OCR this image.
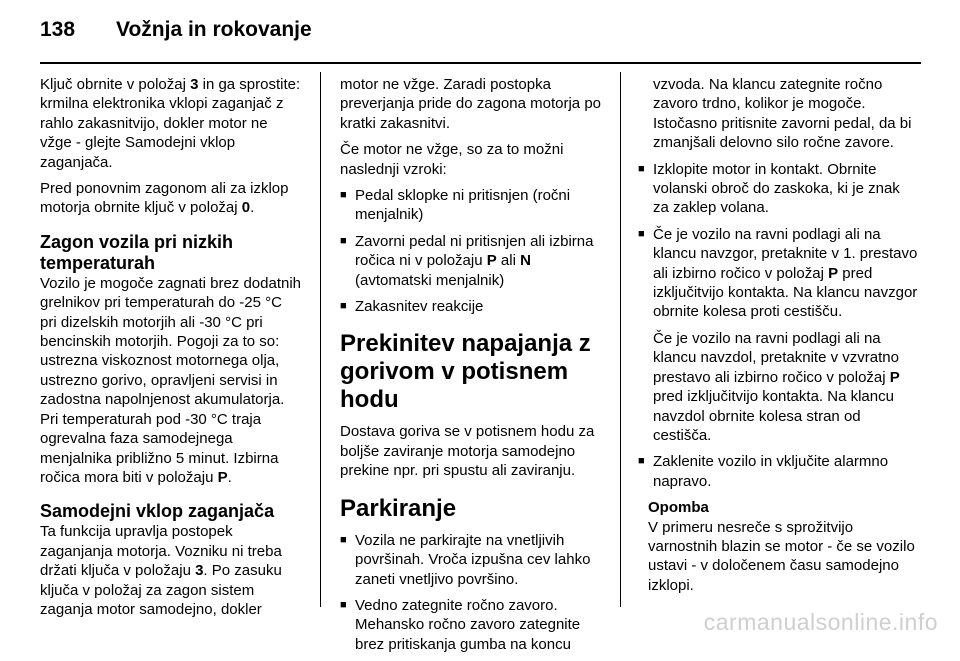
138 Vožnja in rokovanje

Ključ obrnite v položaj 3 in ga sprostite: krmilna elektronika vklopi zaganjač z rahlo zakasnitvijo, dokler motor ne vžge - glejte Samodejni vklop zaganjača.

Pred ponovnim zagonom ali za izklop motorja obrnite ključ v položaj 0.

Zagon vozila pri nizkih temperaturah

Vozilo je mogoče zagnati brez dodatnih grelnikov pri temperaturah do -25 °C pri dizelskih motorjih ali -30 °C pri bencinskih motorjih. Pogoji za to so: ustrezna viskoznost motornega olja, ustrezno gorivo, opravljeni servisi in zadostna napolnjenost akumulatorja. Pri temperaturah pod -30 °C traja ogrevalna faza samodejnega menjalnika približno 5 minut. Izbirna ročica mora biti v položaju P.

Samodejni vklop zaganjača

Ta funkcija upravlja postopek zaganjanja motorja. Vozniku ni treba držati ključa v položaju 3. Po zasuku ključa v položaj za zagon sistem zaganja motor samodejno, dokler

motor ne vžge. Zaradi postopka preverjanja pride do zagona motorja po kratki zakasnitvi.

Če motor ne vžge, so za to možni naslednji vzroki:

■ Pedal sklopke ni pritisnjen (ročni menjalnik)
■ Zavorni pedal ni pritisnjen ali izbirna ročica ni v položaju P ali N (avtomatski menjalnik)
■ Zakasnitev reakcije
Prekinitev napajanja z gorivom v potisnem hodu

Dostava goriva se v potisnem hodu za boljše zaviranje motorja samodejno prekine npr. pri spustu ali zaviranju.

Parkiranje
■ Vozila ne parkirajte na vnetljivih površinah. Vroča izpušna cev lahko zaneti vnetljivo površino.
■ Vedno zategnite ročno zavoro. Mehansko ročno zavoro zategnite brez pritiskanja gumba na koncu
vzvoda. Na klancu zategnite ročno zavoro trdno, kolikor je mogoče. Istočasno pritisnite zavorni pedal, da bi zmanjšali delovno silo ročne zavore.
■ Izklopite motor in kontakt. Obrnite volanski obroč do zaskoka, ki je znak za zaklep volana.
■ Če je vozilo na ravni podlagi ali na klancu navzgor, pretaknite v 1. prestavo ali izbirno ročico v položaj P pred izključitvijo kontakta. Na klancu navzgor obrnite kolesa proti cestišču.
Če je vozilo na ravni podlagi ali na klancu navzdol, pretaknite v vzvratno prestavo ali izbirno ročico v položaj P pred izključitvijo kontakta. Na klancu navzdol obrnite kolesa stran od cestišča.
■ Zaklenite vozilo in vključite alarmno napravo.
Opomba
V primeru nesreče s sprožitvijo varnostnih blazin se motor - če se vozilo ustavi - v določenem času samodejno izklopi.
carmanualsonline.info
